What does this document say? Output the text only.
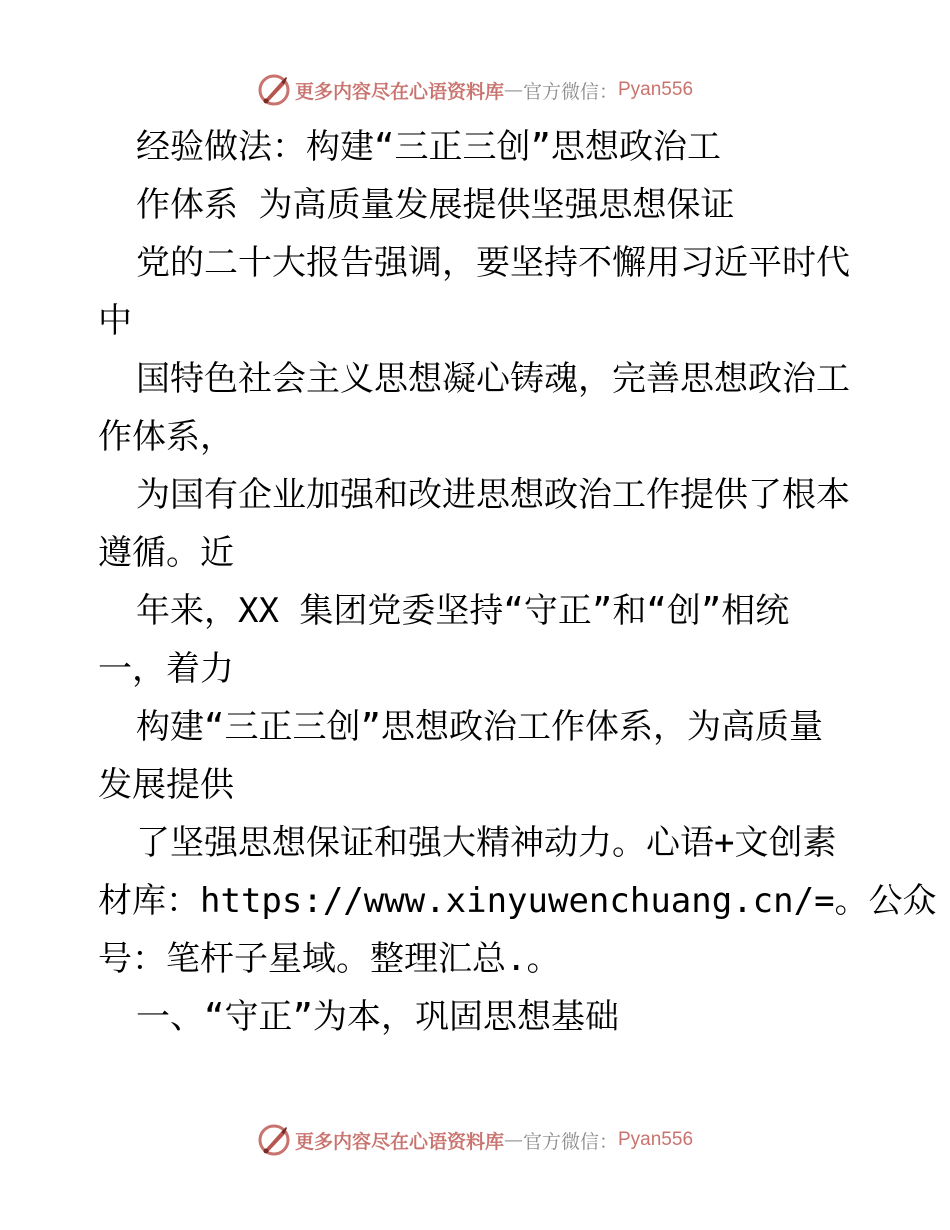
更多内容尽在心语资料库 — 官方微信： Pyan556
经验做法：构建“三正三创”思想政治工
作体系 为高质量发展提供坚强思想保证
党的二十大报告强调，要坚持不懈用习近平时代
中
国特色社会主义思想凝心铸魂，完善思想政治工
作体系，
为国有企业加强和改进思想政治工作提供了根本
遵循。近
年来，XX 集团党委坚持“守正”和“创”相统
一，着力
构建“三正三创”思想政治工作体系，为高质量
发展提供
了坚强思想保证和强大精神动力。心语+文创素
材库：https://www.xinyuwenchuang.cn/=。公众
号：笔杆子星域。整理汇总.。
一、“守正”为本，巩固思想基础
更多内容尽在心语资料库 — 官方微信： Pyan556
